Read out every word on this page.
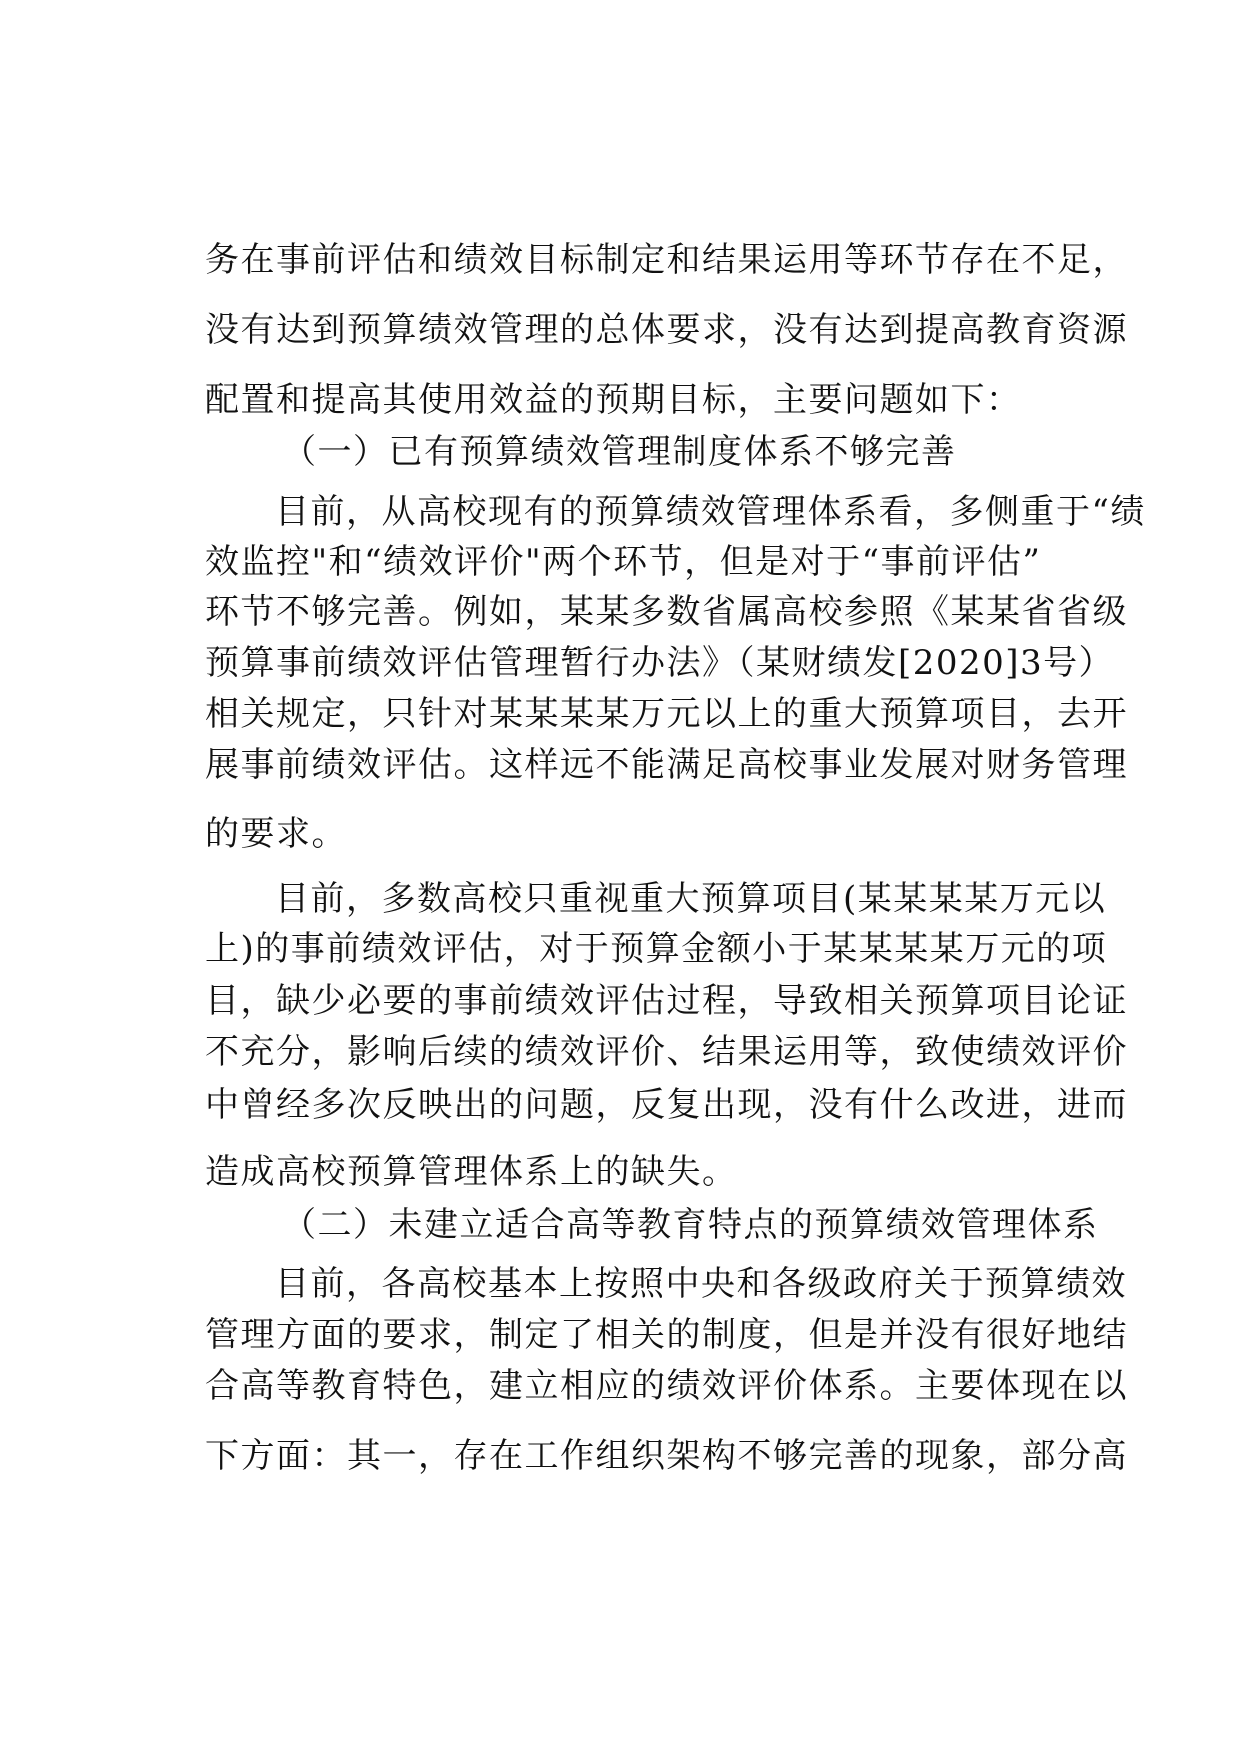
务在事前评估和绩效目标制定和结果运用等环节存在不足，
没有达到预算绩效管理的总体要求，没有达到提高教育资源
配置和提高其使用效益的预期目标，主要问题如下：
（一）已有预算绩效管理制度体系不够完善
目前，从高校现有的预算绩效管理体系看，多侧重于“绩
效监控"和“绩效评价"两个环节，但是对于“事前评估”
环节不够完善。例如，某某多数省属高校参照《某某省省级
预算事前绩效评估管理暂行办法》（某财绩发[2020]3号）
相关规定，只针对某某某某万元以上的重大预算项目，去开
展事前绩效评估。这样远不能满足高校事业发展对财务管理
的要求。
目前，多数高校只重视重大预算项目(某某某某万元以
上)的事前绩效评估，对于预算金额小于某某某某万元的项
目，缺少必要的事前绩效评估过程，导致相关预算项目论证
不充分，影响后续的绩效评价、结果运用等，致使绩效评价
中曾经多次反映出的问题，反复出现，没有什么改进，进而
造成高校预算管理体系上的缺失。
（二）未建立适合高等教育特点的预算绩效管理体系
目前，各高校基本上按照中央和各级政府关于预算绩效
管理方面的要求，制定了相关的制度，但是并没有很好地结
合高等教育特色，建立相应的绩效评价体系。主要体现在以
下方面：其一，存在工作组织架构不够完善的现象，部分高
